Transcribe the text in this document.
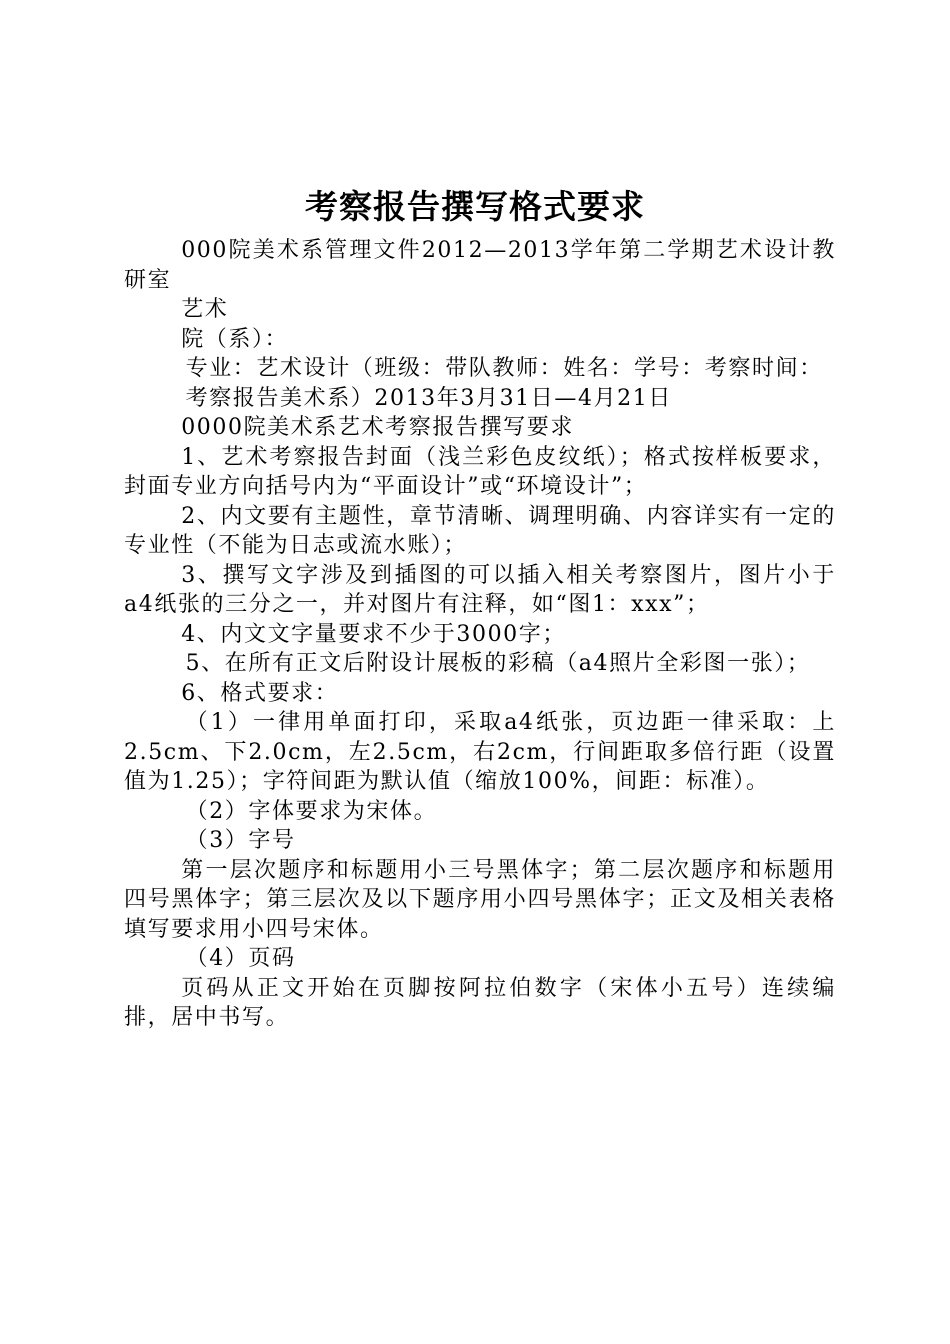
考察报告撰写格式要求

000院美术系管理文件2012—2013学年第二学期艺术设计教研室

艺术

院（系）：

专业：艺术设计（班级：带队教师：姓名：学号：考察时间：

考察报告美术系）2013年3月31日—4月21日

0000院美术系艺术考察报告撰写要求

1、艺术考察报告封面（浅兰彩色皮纹纸）；格式按样板要求，封面专业方向括号内为“平面设计”或“环境设计”；

2、内文要有主题性，章节清晰、调理明确、内容详实有一定的专业性（不能为日志或流水账）；

3、撰写文字涉及到插图的可以插入相关考察图片，图片小于a4纸张的三分之一，并对图片有注释，如“图1：xxx”；

4、内文文字量要求不少于3000字；

5、在所有正文后附设计展板的彩稿（a4照片全彩图一张）；

6、格式要求：

（1）一律用单面打印，采取a4纸张，页边距一律采取：上2.5cm、下2.0cm，左2.5cm，右2cm，行间距取多倍行距（设置值为1.25）；字符间距为默认值（缩放100%，间距：标准）。

（2）字体要求为宋体。

（3）字号

第一层次题序和标题用小三号黑体字；第二层次题序和标题用四号黑体字；第三层次及以下题序用小四号黑体字；正文及相关表格填写要求用小四号宋体。

（4）页码

页码从正文开始在页脚按阿拉伯数字（宋体小五号）连续编排，居中书写。
